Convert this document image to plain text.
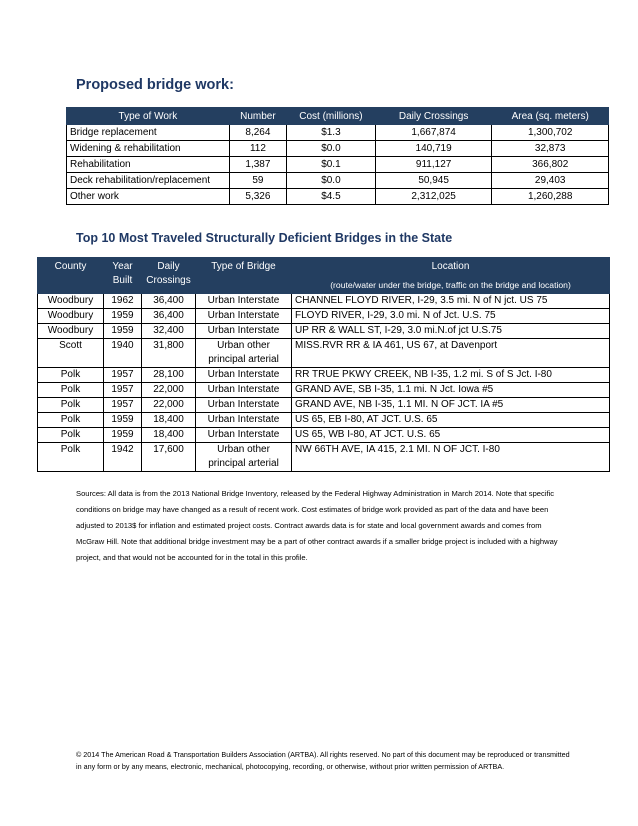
Proposed bridge work:
Type of Work	Number	Cost (millions)	Daily Crossings	Area (sq. meters)
Bridge replacement	8,264	$1.3	1,667,874	1,300,702
Widening & rehabilitation	112	$0.0	140,719	32,873
Rehabilitation	1,387	$0.1	911,127	366,802
Deck rehabilitation/replacement	59	$0.0	50,945	29,403
Other work	5,326	$4.5	2,312,025	1,260,288
Top 10 Most Traveled Structurally Deficient Bridges in the State
County	Year Built	Daily Crossings	Type of Bridge	Location
(route/water under the bridge, traffic on the bridge and location)

Woodbury	1962	36,400	Urban Interstate	CHANNEL FLOYD RIVER, I-29, 3.5 mi. N of N jct. US 75
Woodbury	1959	36,400	Urban Interstate	FLOYD RIVER, I-29, 3.0 mi. N of Jct. U.S. 75
Woodbury	1959	32,400	Urban Interstate	UP RR & WALL ST, I-29, 3.0 mi.N.of jct U.S.75
Scott	1940	31,800	Urban other principal arterial	MISS.RVR RR & IA 461, US 67, at Davenport
Polk	1957	28,100	Urban Interstate	RR TRUE PKWY CREEK, NB I-35, 1.2 mi. S of S Jct. I-80
Polk	1957	22,000	Urban Interstate	GRAND AVE, SB I-35, 1.1 mi. N Jct. Iowa #5
Polk	1957	22,000	Urban Interstate	GRAND AVE, NB I-35, 1.1 MI. N OF JCT. IA #5
Polk	1959	18,400	Urban Interstate	US 65, EB I-80, AT JCT. U.S. 65
Polk	1959	18,400	Urban Interstate	US 65, WB I-80, AT JCT. U.S. 65
Polk	1942	17,600	Urban other principal arterial	NW 66TH AVE, IA 415, 2.1 MI. N OF JCT. I-80
Sources: All data is from the 2013 National Bridge Inventory, released by the Federal Highway Administration in March 2014. Note that specific conditions on bridge may have changed as a result of recent work. Cost estimates of bridge work provided as part of the data and have been adjusted to 2013$ for inflation and estimated project costs. Contract awards data is for state and local government awards and comes from McGraw Hill. Note that additional bridge investment may be a part of other contract awards if a smaller bridge project is included with a highway project, and that would not be accounted for in the total in this profile.
© 2014 The American Road & Transportation Builders Association (ARTBA). All rights reserved. No part of this document may be reproduced or transmitted in any form or by any means, electronic, mechanical, photocopying, recording, or otherwise, without prior written permission of ARTBA.
